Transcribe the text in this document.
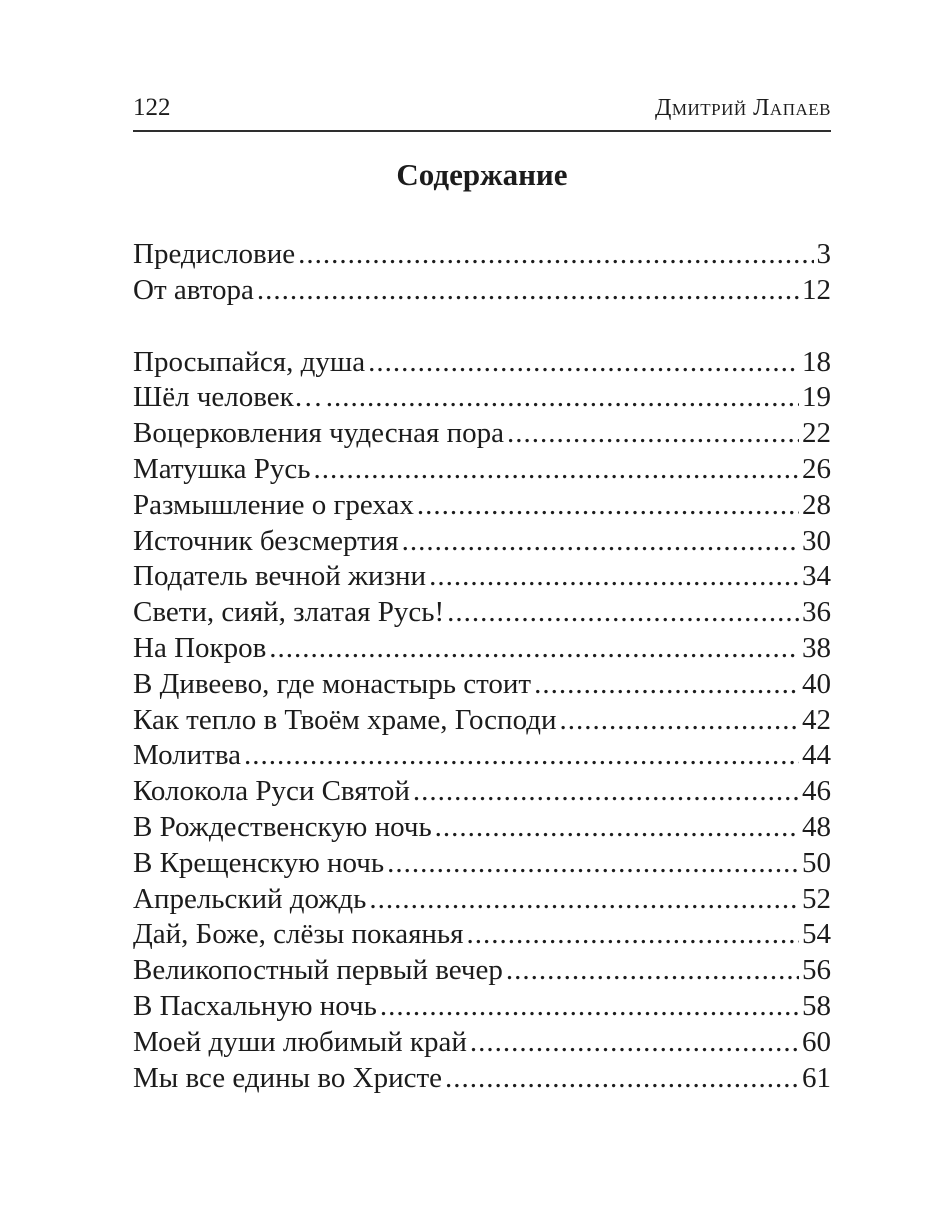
122	Дмитрий Лапаев
Содержание
Предисловие .....	3
От автора .....	12
Просыпайся, душа .....	18
Шёл человек… .....	19
Воцерковления чудесная пора .....	22
Матушка Русь .....	26
Размышление о грехах .....	28
Источник безсмертия .....	30
Податель вечной жизни .....	34
Свети, сияй, златая Русь! .....	36
На Покров .....	38
В Дивеево, где монастырь стоит .....	40
Как тепло в Твоём храме, Господи .....	42
Молитва .....	44
Колокола Руси Святой .....	46
В Рождественскую ночь .....	48
В Крещенскую ночь .....	50
Апрельский дождь .....	52
Дай, Боже, слёзы покаянья .....	54
Великопостный первый вечер .....	56
В Пасхальную ночь .....	58
Моей души любимый край .....	60
Мы все едины во Христе .....	61
